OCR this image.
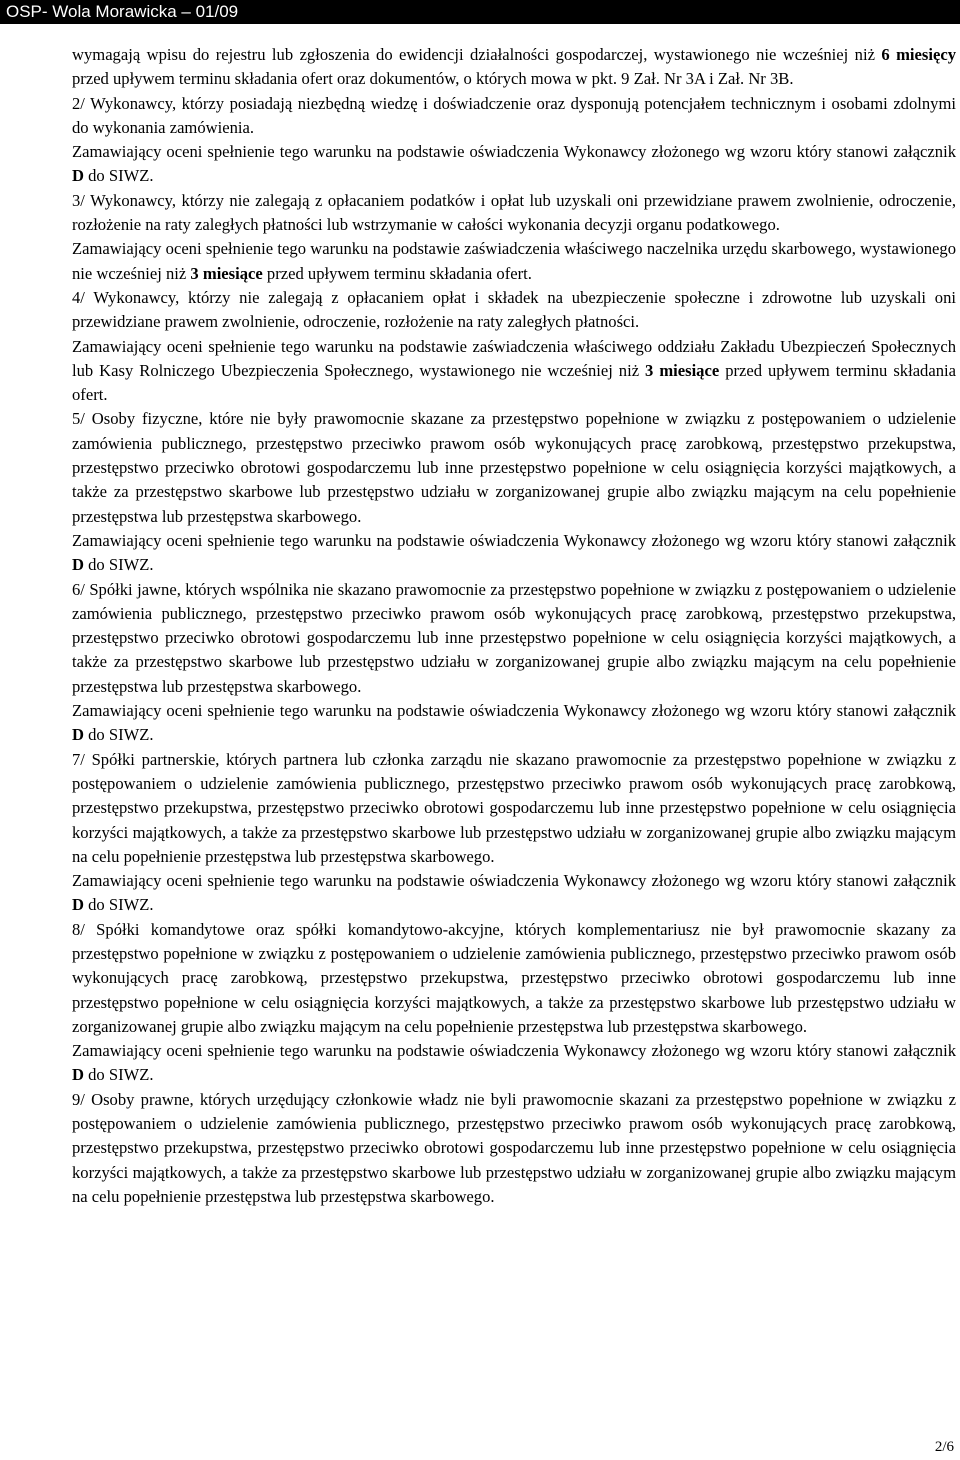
OSP- Wola Morawicka – 01/09

wymagają wpisu do rejestru lub zgłoszenia do ewidencji działalności gospodarczej, wystawionego nie wcześniej niż 6 miesięcy przed upływem terminu składania ofert oraz dokumentów, o których mowa w pkt. 9 Zał. Nr 3A i Zał. Nr 3B.

2/ Wykonawcy, którzy posiadają niezbędną wiedzę i doświadczenie oraz dysponują potencjałem technicznym i osobami zdolnymi do wykonania zamówienia.

Zamawiający oceni spełnienie tego warunku na podstawie oświadczenia Wykonawcy złożonego wg wzoru który stanowi załącznik D do SIWZ.

3/ Wykonawcy, którzy nie zalegają z opłacaniem podatków i opłat lub uzyskali oni przewidziane prawem zwolnienie, odroczenie, rozłożenie na raty zaległych płatności lub wstrzymanie w całości wykonania decyzji organu podatkowego.

Zamawiający oceni spełnienie tego warunku na podstawie zaświadczenia właściwego naczelnika urzędu skarbowego, wystawionego nie wcześniej niż 3 miesiące przed upływem terminu składania ofert.

4/ Wykonawcy, którzy nie zalegają z opłacaniem opłat i składek na ubezpieczenie społeczne i zdrowotne lub uzyskali oni przewidziane prawem zwolnienie, odroczenie, rozłożenie na raty zaległych płatności.

Zamawiający oceni spełnienie tego warunku na podstawie zaświadczenia właściwego oddziału Zakładu Ubezpieczeń Społecznych lub Kasy Rolniczego Ubezpieczenia Społecznego, wystawionego nie wcześniej niż 3 miesiące przed upływem terminu składania ofert.

5/ Osoby fizyczne, które nie były prawomocnie skazane za przestępstwo popełnione w związku z postępowaniem o udzielenie zamówienia publicznego, przestępstwo przeciwko prawom osób wykonujących pracę zarobkową, przestępstwo przekupstwa, przestępstwo przeciwko obrotowi gospodarczemu lub inne przestępstwo popełnione w celu osiągnięcia korzyści majątkowych, a także za przestępstwo skarbowe lub przestępstwo udziału w zorganizowanej grupie albo związku mającym na celu popełnienie przestępstwa lub przestępstwa skarbowego.

Zamawiający oceni spełnienie tego warunku na podstawie oświadczenia Wykonawcy złożonego wg wzoru który stanowi załącznik D do SIWZ.

6/ Spółki jawne, których wspólnika nie skazano prawomocnie za przestępstwo popełnione w związku z postępowaniem o udzielenie zamówienia publicznego, przestępstwo przeciwko prawom osób wykonujących pracę zarobkową, przestępstwo przekupstwa, przestępstwo przeciwko obrotowi gospodarczemu lub inne przestępstwo popełnione w celu osiągnięcia korzyści majątkowych, a także za przestępstwo skarbowe lub przestępstwo udziału w zorganizowanej grupie albo związku mającym na celu popełnienie przestępstwa lub przestępstwa skarbowego.

Zamawiający oceni spełnienie tego warunku na podstawie oświadczenia Wykonawcy złożonego wg wzoru który stanowi załącznik D do SIWZ.

7/ Spółki partnerskie, których partnera lub członka zarządu nie skazano prawomocnie za przestępstwo popełnione w związku z postępowaniem o udzielenie zamówienia publicznego, przestępstwo przeciwko prawom osób wykonujących pracę zarobkową, przestępstwo przekupstwa, przestępstwo przeciwko obrotowi gospodarczemu lub inne przestępstwo popełnione w celu osiągnięcia korzyści majątkowych, a także za przestępstwo skarbowe lub przestępstwo udziału w zorganizowanej grupie albo związku mającym na celu popełnienie przestępstwa lub przestępstwa skarbowego.

Zamawiający oceni spełnienie tego warunku na podstawie oświadczenia Wykonawcy złożonego wg wzoru który stanowi załącznik D do SIWZ.

8/ Spółki komandytowe oraz spółki komandytowo-akcyjne, których komplementariusz nie był prawomocnie skazany za przestępstwo popełnione w związku z postępowaniem o udzielenie zamówienia publicznego, przestępstwo przeciwko prawom osób wykonujących pracę zarobkową, przestępstwo przekupstwa, przestępstwo przeciwko obrotowi gospodarczemu lub inne przestępstwo popełnione w celu osiągnięcia korzyści majątkowych, a także za przestępstwo skarbowe lub przestępstwo udziału w zorganizowanej grupie albo związku mającym na celu popełnienie przestępstwa lub przestępstwa skarbowego.

Zamawiający oceni spełnienie tego warunku na podstawie oświadczenia Wykonawcy złożonego wg wzoru który stanowi załącznik D do SIWZ.

9/ Osoby prawne, których urzędujący członkowie władz nie byli prawomocnie skazani za przestępstwo popełnione w związku z postępowaniem o udzielenie zamówienia publicznego, przestępstwo przeciwko prawom osób wykonujących pracę zarobkową, przestępstwo przekupstwa, przestępstwo przeciwko obrotowi gospodarczemu lub inne przestępstwo popełnione w celu osiągnięcia korzyści majątkowych, a także za przestępstwo skarbowe lub przestępstwo udziału w zorganizowanej grupie albo związku mającym na celu popełnienie przestępstwa lub przestępstwa skarbowego.

2/6
